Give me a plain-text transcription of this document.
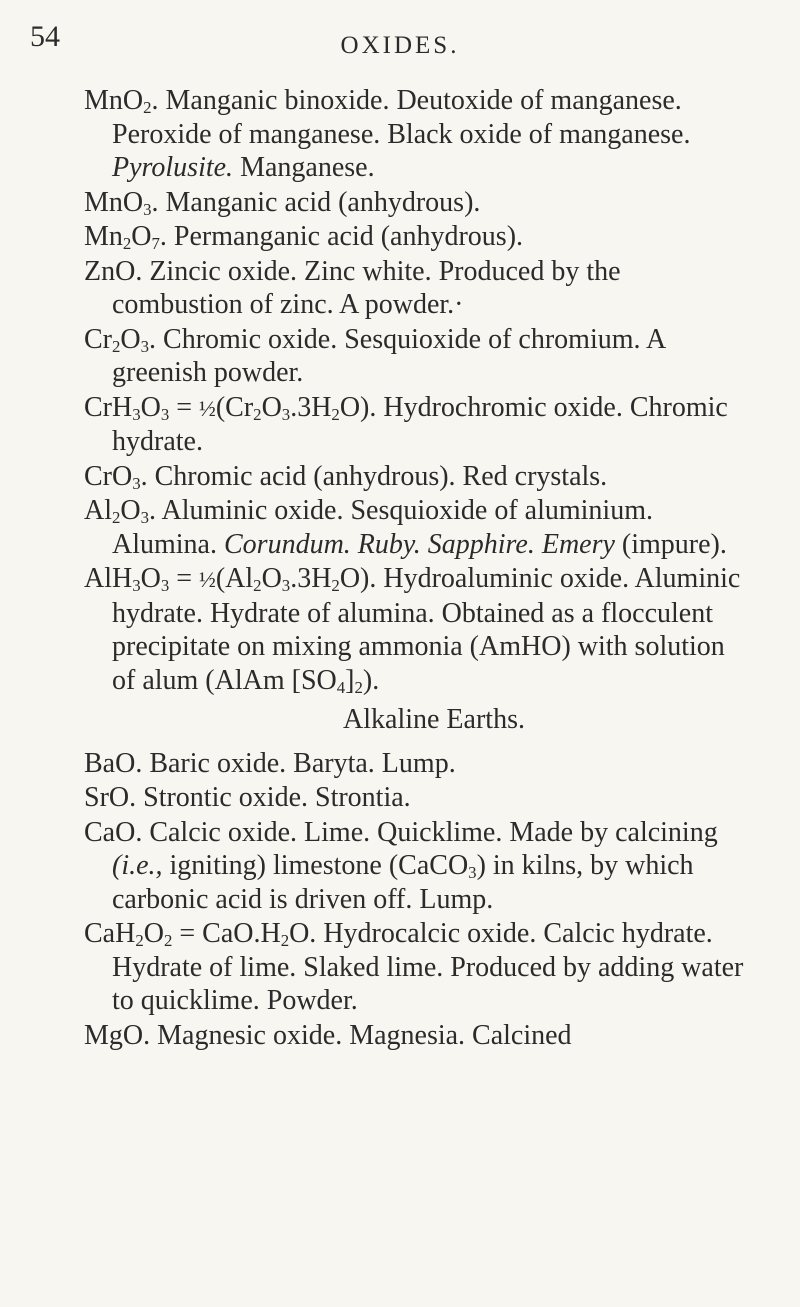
54	OXIDES.

MnO$_2$. Manganic binoxide. Deutoxide of manganese. Peroxide of manganese. Black oxide of manganese. Pyrolusite. Manganese.

MnO$_3$. Manganic acid (anhydrous).

$Mn_2O_7$. Permanganic acid (anhydrous).

ZnO. Zincic oxide. Zinc white. Produced by the combustion of zinc. A powder.·

$Cr_2O_3$. Chromic oxide. Sesquioxide of chromium. A greenish powder.

$CrH_3O_3$ = $\frac{1}{2}(Cr_2O_3.3H_2O)$. Hydrochromic oxide. Chromic hydrate.

CrO$_3$. Chromic acid (anhydrous). Red crystals.

$Al_2O_3$. Aluminic oxide. Sesquioxide of aluminium. Alumina. Corundum. Ruby. Sapphire. Emery (impure).

$AlH_3O_3$ = $\frac{1}{2}(Al_2O_3.3H_2O)$. Hydroaluminic oxide. Aluminic hydrate. Hydrate of alumina. Obtained as a flocculent precipitate on mixing ammonia (AmHO) with solution of alum (AlAm $[SO_4]_2$).

Alkaline Earths.

BaO. Baric oxide. Baryta. Lump.

SrO. Strontic oxide. Strontia.

CaO. Calcic oxide. Lime. Quicklime. Made by calcining (i.e., igniting) limestone (CaCO$_3$) in kilns, by which carbonic acid is driven off. Lump.

$CaH_2O_2 = CaO.H_2O$. Hydrocalcic oxide. Calcic hydrate. Hydrate of lime. Slaked lime. Produced by adding water to quicklime. Powder.

MgO. Magnesic oxide. Magnesia. Calcined
